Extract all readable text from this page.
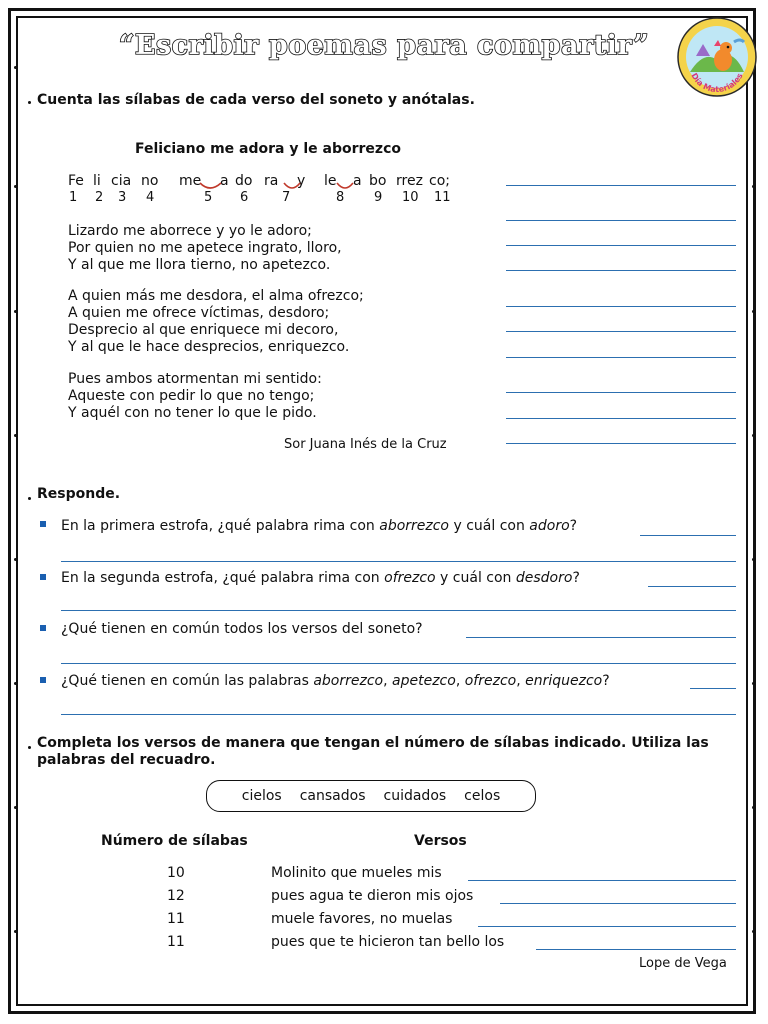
“Escribir poemas para compartir”
Día Materiales
Cuenta las sílabas de cada verso del soneto y anótalas.
Feliciano me adora y le aborrezco
Fe li cia no me a do ra y le a bo rrez co;
1 2 3 4	5 6	7	8 9 10 11
Lizardo me aborrece y yo le adoro;
Por quien no me apetece ingrato, lloro,
Y al que me llora tierno, no apetezco.
A quien más me desdora, el alma ofrezco;
A quien me ofrece víctimas, desdoro;
Desprecio al que enriquece mi decoro,
Y al que le hace desprecios, enriquezco.
Pues ambos atormentan mi sentido:
Aqueste con pedir lo que no tengo;
Y aquél con no tener lo que le pido.
Sor Juana Inés de la Cruz
Responde.
En la primera estrofa, ¿qué palabra rima con aborrezco y cuál con adoro?
En la segunda estrofa, ¿qué palabra rima con ofrezco y cuál con desdoro?
¿Qué tienen en común todos los versos del soneto?
¿Qué tienen en común las palabras aborrezco, apetezco, ofrezco, enriquezco?
Completa los versos de manera que tengan el número de sílabas indicado. Utiliza las
palabras del recuadro.
cielos cansados cuidados celos
Número de sílabas	Versos
10	Molinito que mueles mis
12	pues agua te dieron mis ojos
11	muele favores, no muelas
11	pues que te hicieron tan bello los
Lope de Vega
